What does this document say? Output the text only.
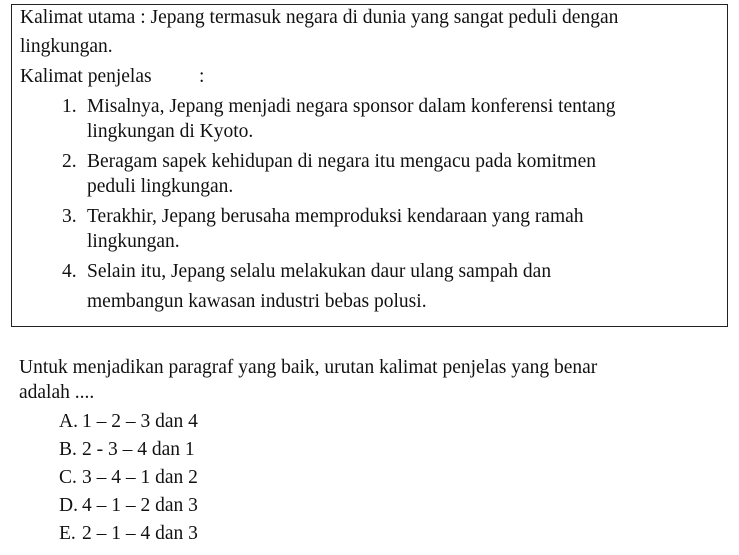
Kalimat utama : Jepang termasuk negara di dunia yang sangat peduli dengan
lingkungan.
Kalimat penjelas :
1. Misalnya, Jepang menjadi negara sponsor dalam konferensi tentang
lingkungan di Kyoto.
2. Beragam sapek kehidupan di negara itu mengacu pada komitmen
peduli lingkungan.
3. Terakhir, Jepang berusaha memproduksi kendaraan yang ramah
lingkungan.
4. Selain itu, Jepang selalu melakukan daur ulang sampah dan
membangun kawasan industri bebas polusi.
Untuk menjadikan paragraf yang baik, urutan kalimat penjelas yang benar
adalah ....
A. 1 – 2 – 3 dan 4
B. 2 - 3 – 4 dan 1
C. 3 – 4 – 1 dan 2
D. 4 – 1 – 2 dan 3
E. 2 – 1 – 4 dan 3
